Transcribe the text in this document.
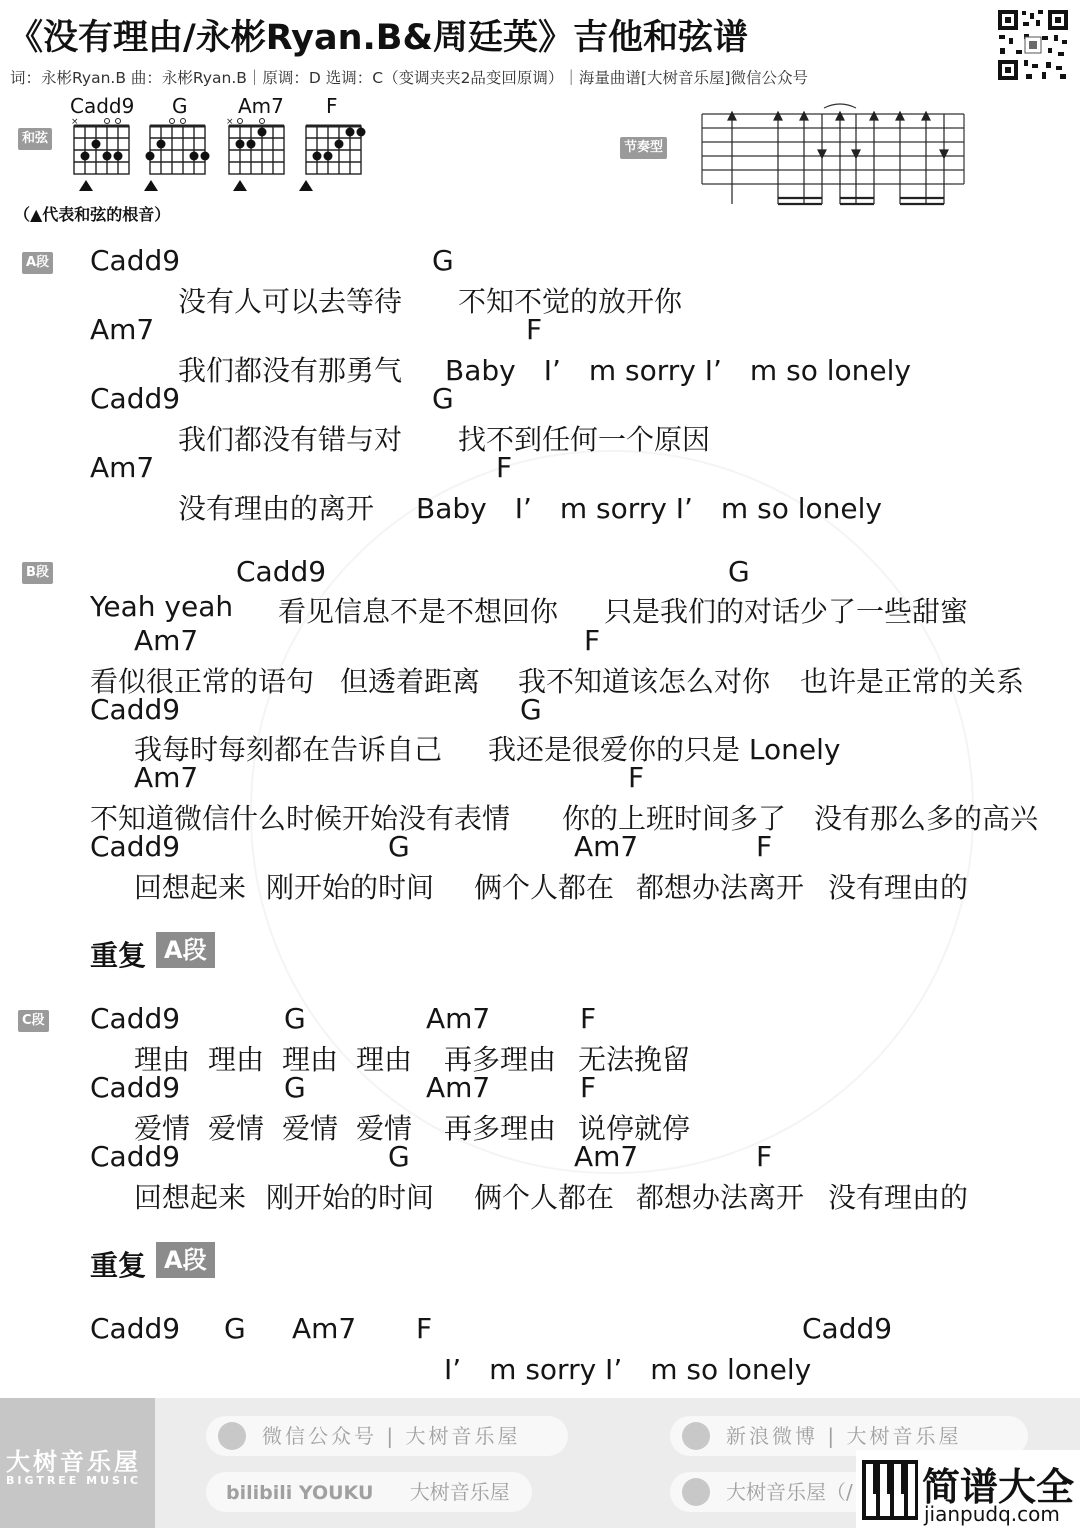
《没有理由/永彬Ryan.B&周廷英》吉他和弦谱
词：永彬Ryan.B 曲：永彬Ryan.B｜原调：D 选调：C（变调夹夹2品变回原调）｜海量曲谱[大树音乐屋]微信公众号
和弦
Cadd9 G	Am7 F
×	×
（▲代表和弦的根音）
节奏型
A段 Cadd9	G
没有人可以去等待 不知不觉的放开你
Am7	F
我们都没有那勇气 Baby　I’　m sorry I’　m so lonely
Cadd9	G
我们都没有错与对 找不到任何一个原因
Am7	F
没有理由的离开 Baby　I’　m sorry I’　m so lonely
B段	Cadd9	G
Yeah yeah 看见信息不是不想回你 只是我们的对话少了一些甜蜜
Am7	F
看似很正常的语句 但透着距离 我不知道该怎么对你 也许是正常的关系
Cadd9	G
我每时每刻都在告诉自己 我还是很爱你的只是 Lonely
Am7	F
不知道微信什么时候开始没有表情 你的上班时间多了 没有那么多的高兴
Cadd9	G	Am7	F
回想起来 刚开始的时间 俩个人都在 都想办法离开 没有理由的
重复 A段
C段 Cadd9	G	Am7	F
理由 理由 理由 理由 再多理由 无法挽留
Cadd9	G	Am7	F
爱情 爱情 爱情 爱情 再多理由 说停就停
Cadd9	G	Am7	F
回想起来 刚开始的时间 俩个人都在 都想办法离开 没有理由的
重复 A段
Cadd9 G Am7 F	Cadd9
I’　m sorry I’　m so lonely
大树音乐屋
BIGTREE MUSIC
微信公众号 | 大树音乐屋	新浪微博 | 大树音乐屋
bilibili YOUKU 大树音乐屋	大树音乐屋（/	简谱大全
jianpudq.com
